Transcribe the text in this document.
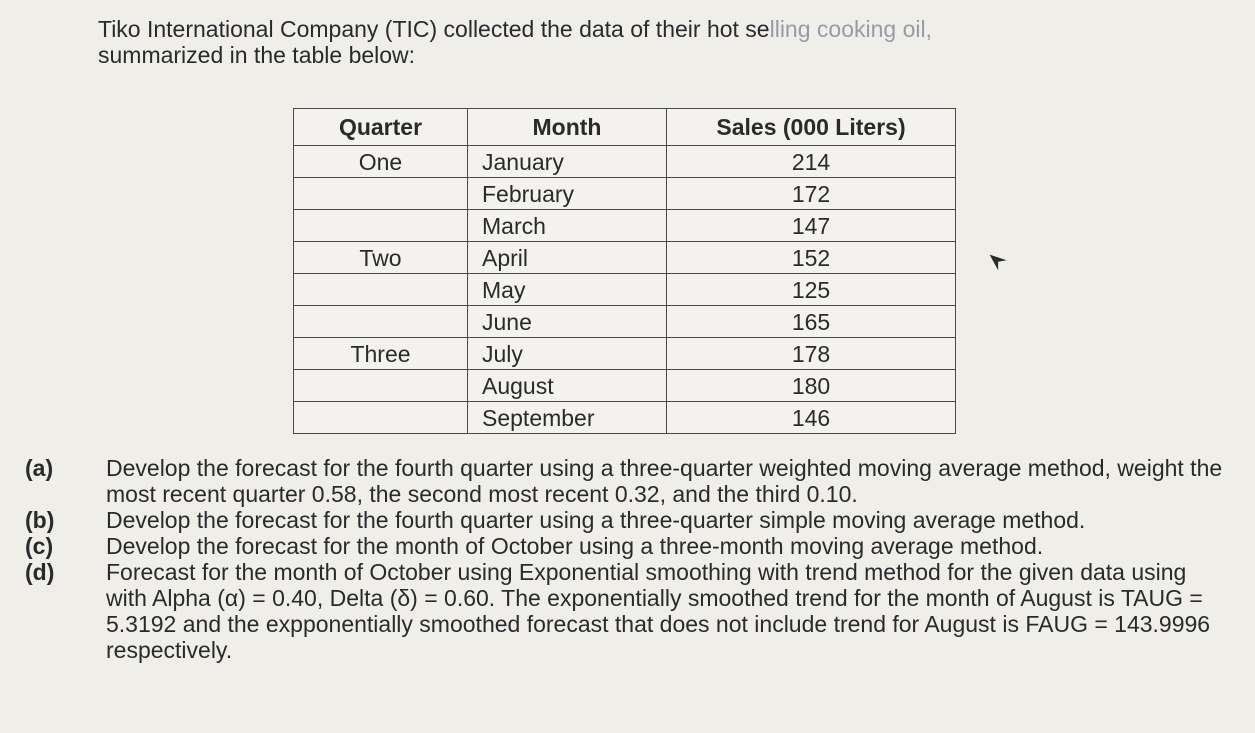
Tiko International Company (TIC) collected the data of their hot selling cooking oil,
summarized in the table below:
Quarter	Month	Sales (000 Liters)
One	January	214
	February	172
	March	147
Two	April	152
	May	125
	June	165
Three	July	178
	August	180
	September	146
(a)	Develop the forecast for the fourth quarter using a three-quarter weighted moving average method, weight the most recent quarter 0.58, the second most recent 0.32, and the third 0.10.
(b)	Develop the forecast for the fourth quarter using a three-quarter simple moving average method.
(c)	Develop the forecast for the month of October using a three-month moving average method.
(d)	Forecast for the month of October using Exponential smoothing with trend method for the given data using with Alpha (α) = 0.40, Delta (δ) = 0.60. The exponentially smoothed trend for the month of August is TAUG = 5.3192 and the expponentially smoothed forecast that does not include trend for August is FAUG = 143.9996 respectively.
